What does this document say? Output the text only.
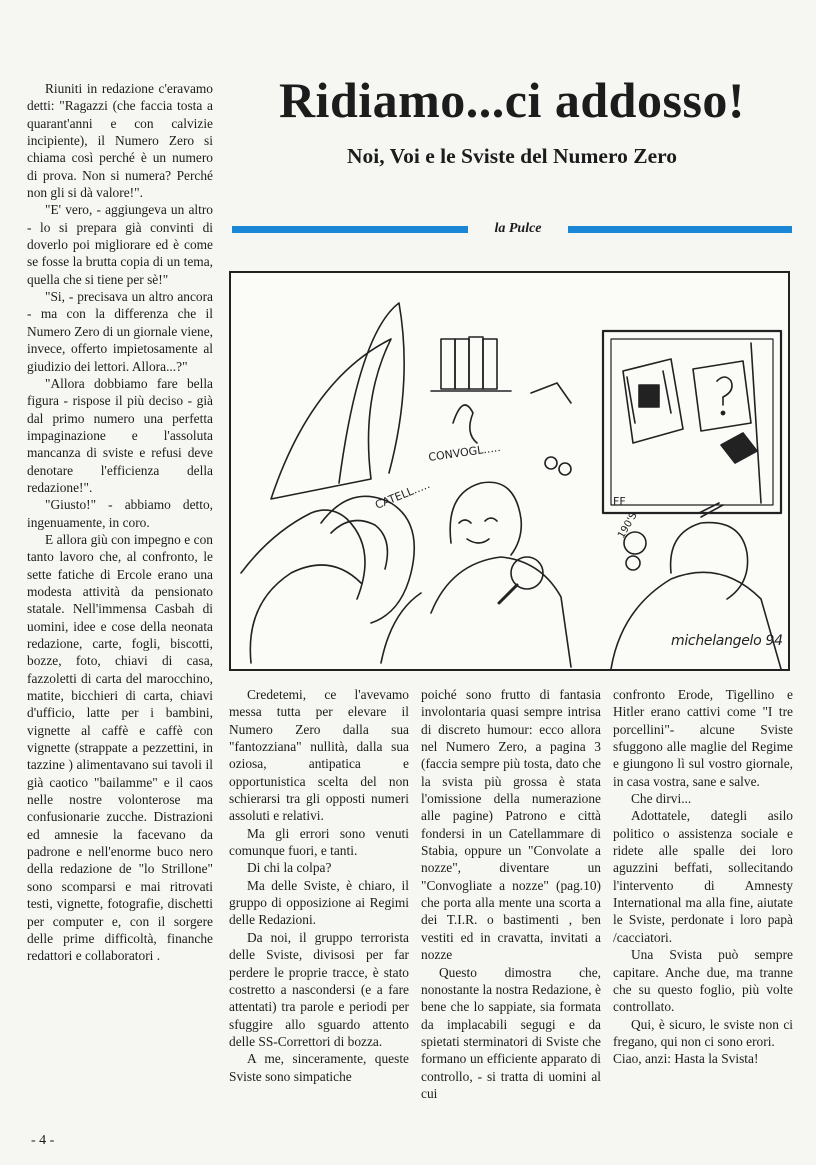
Riuniti in redazione c'eravamo detti: "Ragazzi (che faccia tosta a quarant'anni e con calvizie incipiente), il Numero Zero si chiama così perché è un numero di prova. Non si numera? Perché non gli si dà valore!".

"E' vero, - aggiungeva un altro - lo si prepara già convinti di doverlo poi migliorare ed è come se fosse la brutta copia di un tema, quella che si tiene per sè!"

"Si, - precisava un altro ancora - ma con la differenza che il Numero Zero di un giornale viene, invece, offerto impietosamente al giudizio dei lettori. Allora...?"

"Allora dobbiamo fare bella figura - rispose il più deciso - già dal primo numero una perfetta impaginazione e l'assoluta mancanza di sviste e refusi deve denotare l'efficienza della redazione!".

"Giusto!" - abbiamo detto, ingenuamente, in coro.

E allora giù con impegno e con tanto lavoro che, al confronto, le sette fatiche di Ercole erano una modesta attività da pensionato statale. Nell'immensa Casbah di uomini, idee e cose della neonata redazione, carte, fogli, biscotti, bozze, foto, chiavi di casa, fazzoletti di carta del marocchino, matite, bicchieri di carta, chiavi d'ufficio, latte per i bambini, vignette al caffè e caffè con vignette (strappate a pezzettini, in tazzine ) alimentavano sui tavoli il già caotico "bailamme" e il caos nelle nostre volonterose ma confusionarie zucche. Distrazioni ed amnesie la facevano da padrone e nell'enorme buco nero della redazione de "lo Strillone" sono scomparsi e mai ritrovati testi, vignette, fotografie, dischetti per computer e, con il sorgere delle prime difficoltà, finanche redattori e collaboratori .

Ridiamo...ci addosso!
Noi, Voi e le Sviste del Numero Zero
la Pulce
CATELL.....
CONVOGL.....
FF
190'S
michelangelo 94

Credetemi, ce l'avevamo messa tutta per elevare il Numero Zero dalla sua "fantozziana" nullità, dalla sua oziosa, antipatica e opportunistica scelta del non schierarsi tra gli opposti numeri assoluti e relativi.

Ma gli errori sono venuti comunque fuori, e tanti.

Di chi la colpa?

Ma delle Sviste, è chiaro, il gruppo di opposizione ai Regimi delle Redazioni.

Da noi, il gruppo terrorista delle Sviste, divisosi per far perdere le proprie tracce, è stato costretto a nascondersi (e a fare attentati) tra parole e periodi per sfuggire allo sguardo attento delle SS-Correttori di bozza.

A me, sinceramente, queste Sviste sono simpatiche

poiché sono frutto di fantasia involontaria quasi sempre intrisa di discreto humour: ecco allora nel Numero Zero, a pagina 3 (faccia sempre più tosta, dato che la svista più grossa è stata l'omissione della numerazione alle pagine) Patrono e città fondersi in un Catellammare di Stabia, oppure un "Convolate a nozze", diventare un "Convogliate a nozze" (pag.10) che porta alla mente una scorta a dei T.I.R. o bastimenti , ben vestiti ed in cravatta, invitati a nozze

Questo dimostra che, nonostante la nostra Redazione, è bene che lo sappiate, sia formata da implacabili segugi e da spietati sterminatori di Sviste che formano un efficiente apparato di controllo, - si tratta di uomini al cui

confronto Erode, Tigellino e Hitler erano cattivi come "I tre porcellini"- alcune Sviste sfuggono alle maglie del Regime e giungono lì sul vostro giornale, in casa vostra, sane e salve.

Che dirvi...

Adottatele, dategli asilo politico o assistenza sociale e ridete alle spalle dei loro aguzzini beffati, sollecitando l'intervento di Amnesty International ma alla fine, aiutate le Sviste, perdonate i loro papà /cacciatori.

Una Svista può sempre capitare. Anche due, ma tranne che su questo foglio, più volte controllato.

Qui, è sicuro, le sviste non ci fregano, qui non ci sono erori.

Ciao, anzi: Hasta la Svista!

- 4 -
